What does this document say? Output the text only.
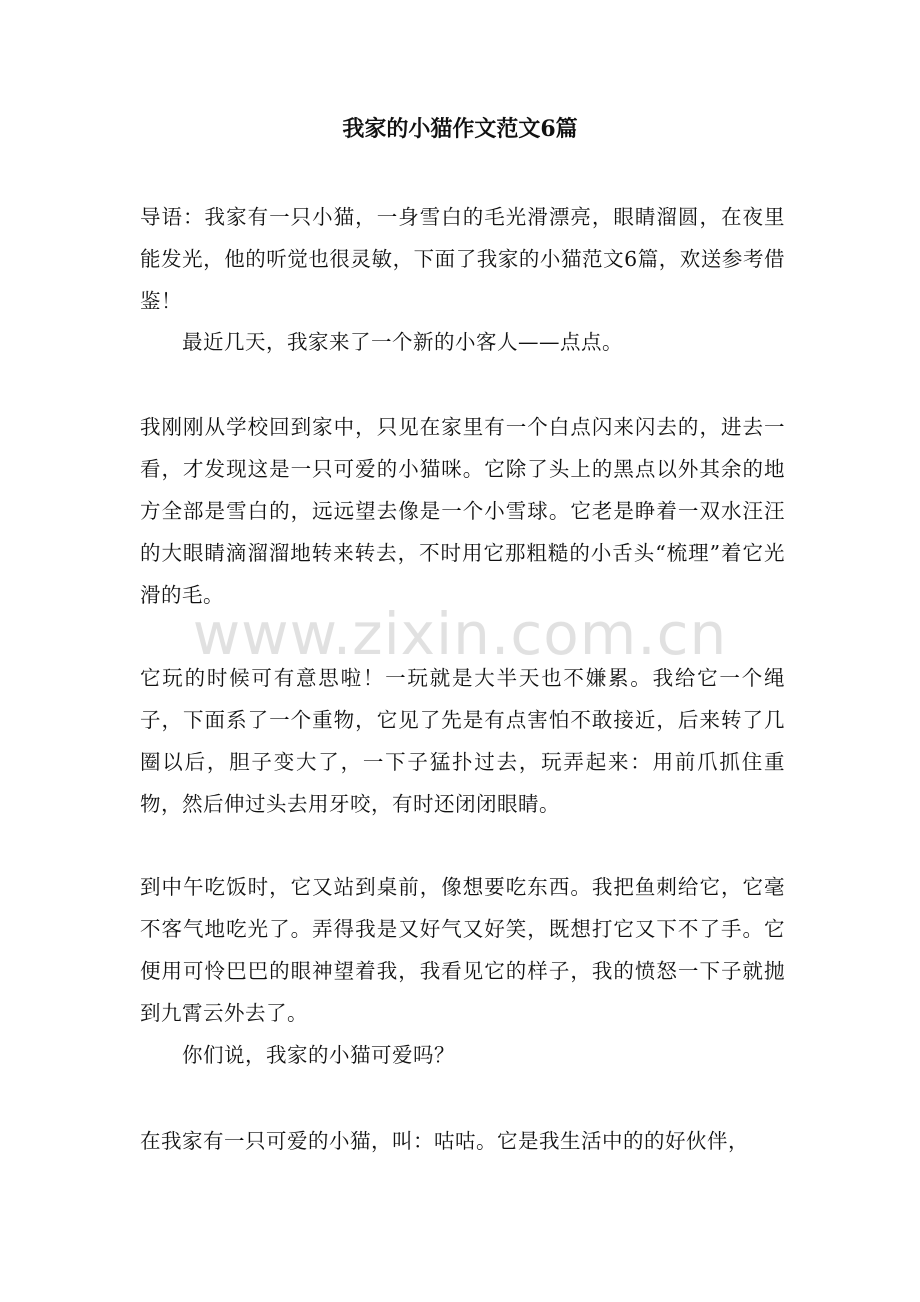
我家的小猫作文范文6篇
导语：我家有一只小猫，一身雪白的毛光滑漂亮，眼睛溜圆，在夜里能发光，他的听觉也很灵敏，下面了我家的小猫范文6篇，欢送参考借鉴！
最近几天，我家来了一个新的小客人——点点。
我刚刚从学校回到家中，只见在家里有一个白点闪来闪去的，进去一看，才发现这是一只可爱的小猫咪。它除了头上的黑点以外其余的地方全部是雪白的，远远望去像是一个小雪球。它老是睁着一双水汪汪的大眼睛滴溜溜地转来转去，不时用它那粗糙的小舌头“梳理”着它光滑的毛。
它玩的时候可有意思啦！一玩就是大半天也不嫌累。我给它一个绳子，下面系了一个重物，它见了先是有点害怕不敢接近，后来转了几圈以后，胆子变大了，一下子猛扑过去，玩弄起来：用前爪抓住重物，然后伸过头去用牙咬，有时还闭闭眼睛。
到中午吃饭时，它又站到桌前，像想要吃东西。我把鱼刺给它，它毫不客气地吃光了。弄得我是又好气又好笑，既想打它又下不了手。它便用可怜巴巴的眼神望着我，我看见它的样子，我的愤怒一下子就抛到九霄云外去了。
你们说，我家的小猫可爱吗？
在我家有一只可爱的小猫，叫：咕咕。它是我生活中的的好伙伴，
www.zixin.com.cn
